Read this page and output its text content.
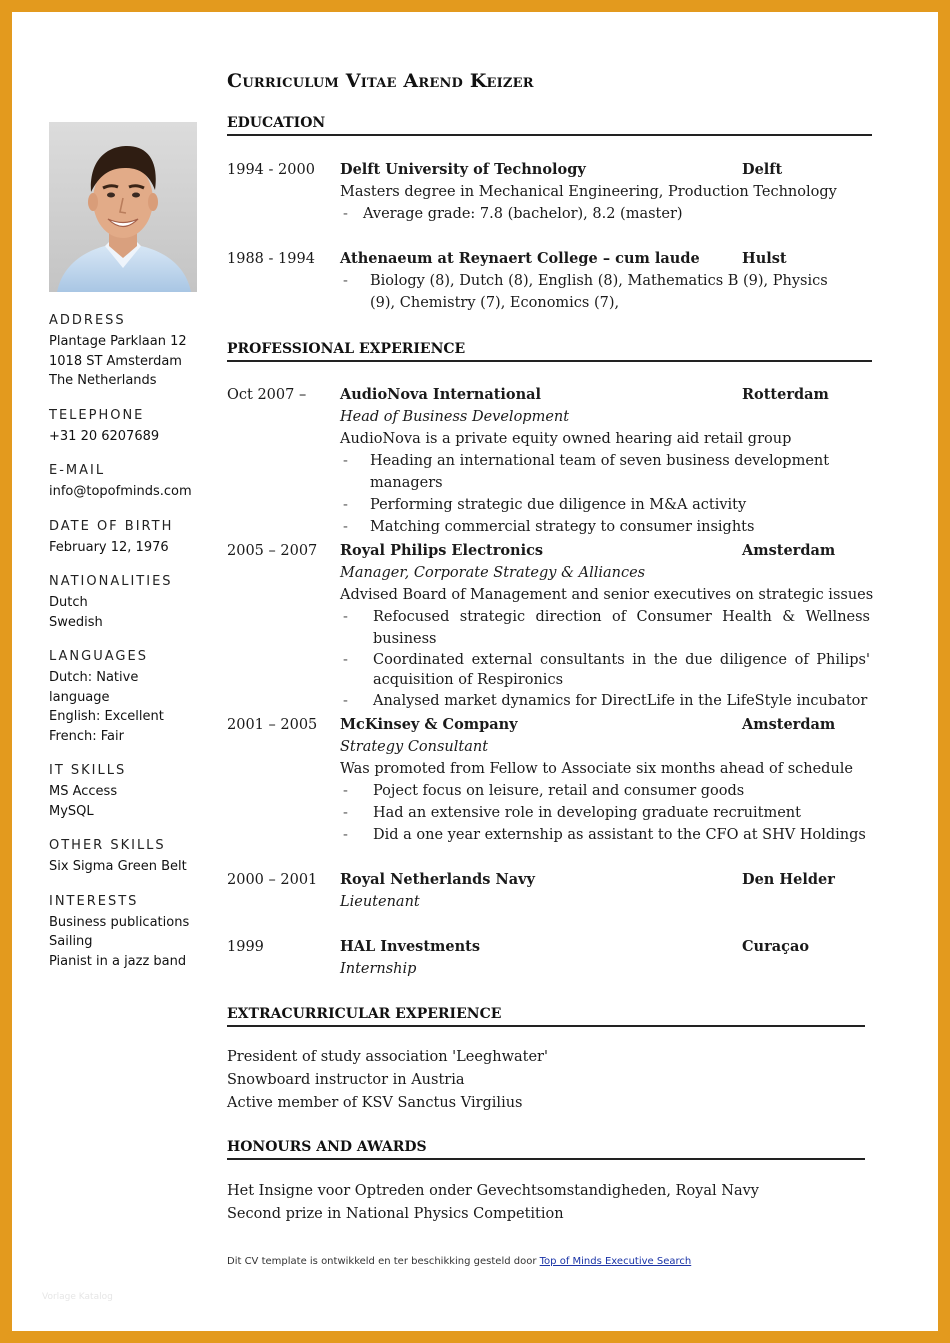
ADDRESS
Plantage Parklaan 12
1018 ST Amsterdam
The Netherlands
TELEPHONE
+31 20 6207689
E-MAIL
info@topofminds.com
DATE OF BIRTH
February 12, 1976
NATIONALITIES
Dutch
Swedish
LANGUAGES
Dutch: Native language
English: Excellent
French: Fair
IT SKILLS
MS Access
MySQL
OTHER SKILLS
Six Sigma Green Belt
INTERESTS
Business publications
Sailing
Pianist in a jazz band
Curriculum Vitae Arend Keizer
EDUCATION
1994 - 2000 Delft University of Technology	Delft
Masters degree in Mechanical Engineering, Production Technology
- Average grade: 7.8 (bachelor), 8.2 (master)
1988 - 1994 Athenaeum at Reynaert College – cum laude	Hulst
- Biology (8), Dutch (8), English (8), Mathematics B (9), Physics (9), Chemistry (7), Economics (7),
PROFESSIONAL EXPERIENCE
Oct 2007 – AudioNova International	Rotterdam
Head of Business Development
AudioNova is a private equity owned hearing aid retail group
- Heading an international team of seven business development managers
- Performing strategic due diligence in M&A activity
- Matching commercial strategy to consumer insights
2005 – 2007 Royal Philips Electronics	Amsterdam
Manager, Corporate Strategy & Alliances
Advised Board of Management and senior executives on strategic issues
- Refocused strategic direction of Consumer Health & Wellness business
- Coordinated external consultants in the due diligence of Philips' acquisition of Respironics
- Analysed market dynamics for DirectLife in the LifeStyle incubator
2001 – 2005 McKinsey & Company	Amsterdam
Strategy Consultant
Was promoted from Fellow to Associate six months ahead of schedule
- Poject focus on leisure, retail and consumer goods
- Had an extensive role in developing graduate recruitment
- Did a one year externship as assistant to the CFO at SHV Holdings
2000 – 2001 Royal Netherlands Navy	Den Helder
Lieutenant
1999	HAL Investments	Curaçao
Internship
EXTRACURRICULAR EXPERIENCE
President of study association 'Leeghwater'
Snowboard instructor in Austria
Active member of KSV Sanctus Virgilius
HONOURS AND AWARDS
Het Insigne voor Optreden onder Gevechtsomstandigheden, Royal Navy
Second prize in National Physics Competition
Dit CV template is ontwikkeld en ter beschikking gesteld door Top of Minds Executive Search
Vorlage Katalog
